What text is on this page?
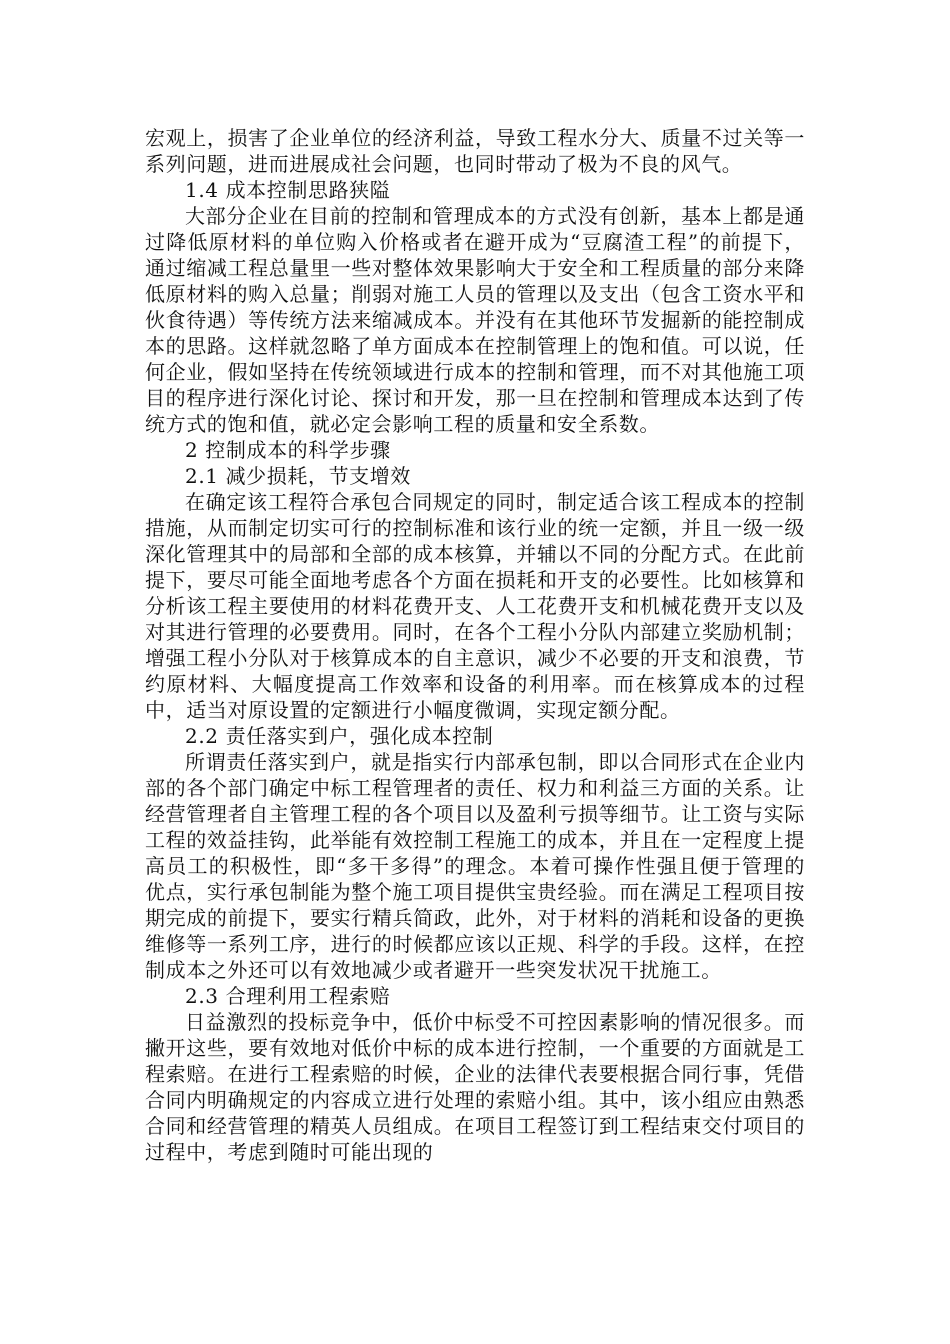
宏观上，损害了企业单位的经济利益，导致工程水分大、质量不过关等一系列问题，进而进展成社会问题，也同时带动了极为不良的风气。

1.4 成本控制思路狭隘

大部分企业在目前的控制和管理成本的方式没有创新，基本上都是通过降低原材料的单位购入价格或者在避开成为“豆腐渣工程”的前提下，通过缩减工程总量里一些对整体效果影响大于安全和工程质量的部分来降低原材料的购入总量；削弱对施工人员的管理以及支出（包含工资水平和伙食待遇）等传统方法来缩减成本。并没有在其他环节发掘新的能控制成本的思路。这样就忽略了单方面成本在控制管理上的饱和值。可以说，任何企业，假如坚持在传统领域进行成本的控制和管理，而不对其他施工项目的程序进行深化讨论、探讨和开发，那一旦在控制和管理成本达到了传统方式的饱和值，就必定会影响工程的质量和安全系数。

2 控制成本的科学步骤

2.1 减少损耗，节支增效

在确定该工程符合承包合同规定的同时，制定适合该工程成本的控制措施，从而制定切实可行的控制标准和该行业的统一定额，并且一级一级深化管理其中的局部和全部的成本核算，并辅以不同的分配方式。在此前提下，要尽可能全面地考虑各个方面在损耗和开支的必要性。比如核算和分析该工程主要使用的材料花费开支、人工花费开支和机械花费开支以及对其进行管理的必要费用。同时，在各个工程小分队内部建立奖励机制；增强工程小分队对于核算成本的自主意识，减少不必要的开支和浪费，节约原材料、大幅度提高工作效率和设备的利用率。而在核算成本的过程中，适当对原设置的定额进行小幅度微调，实现定额分配。

2.2 责任落实到户，强化成本控制

所谓责任落实到户，就是指实行内部承包制，即以合同形式在企业内部的各个部门确定中标工程管理者的责任、权力和利益三方面的关系。让经营管理者自主管理工程的各个项目以及盈利亏损等细节。让工资与实际工程的效益挂钩，此举能有效控制工程施工的成本，并且在一定程度上提高员工的积极性，即“多干多得”的理念。本着可操作性强且便于管理的优点，实行承包制能为整个施工项目提供宝贵经验。而在满足工程项目按期完成的前提下，要实行精兵简政，此外，对于材料的消耗和设备的更换维修等一系列工序，进行的时候都应该以正规、科学的手段。这样，在控制成本之外还可以有效地减少或者避开一些突发状况干扰施工。

2.3 合理利用工程索赔

日益激烈的投标竞争中，低价中标受不可控因素影响的情况很多。而撇开这些，要有效地对低价中标的成本进行控制，一个重要的方面就是工程索赔。在进行工程索赔的时候，企业的法律代表要根据合同行事，凭借合同内明确规定的内容成立进行处理的索赔小组。其中，该小组应由熟悉合同和经营管理的精英人员组成。在项目工程签订到工程结束交付项目的过程中，考虑到随时可能出现的
